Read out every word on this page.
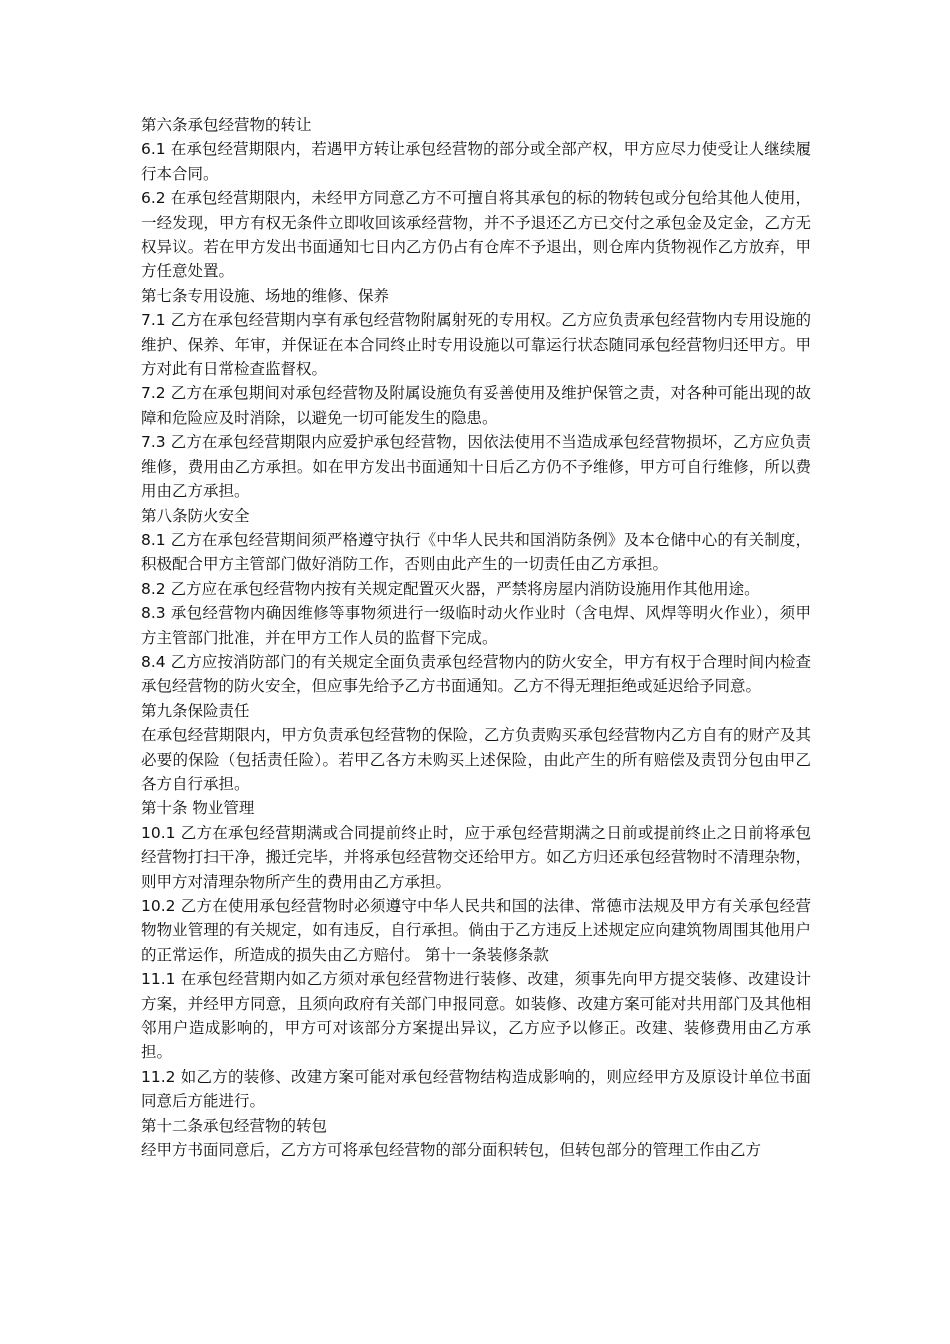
第六条承包经营物的转让

6.1 在承包经营期限内，若遇甲方转让承包经营物的部分或全部产权，甲方应尽力使受让人继续履行本合同。

6.2 在承包经营期限内，未经甲方同意乙方不可擅自将其承包的标的物转包或分包给其他人使用，一经发现，甲方有权无条件立即收回该承经营物，并不予退还乙方已交付之承包金及定金，乙方无权异议。若在甲方发出书面通知七日内乙方仍占有仓库不予退出，则仓库内货物视作乙方放弃，甲方任意处置。

第七条专用设施、场地的维修、保养

7.1 乙方在承包经营期内享有承包经营物附属射死的专用权。乙方应负责承包经营物内专用设施的维护、保养、年审，并保证在本合同终止时专用设施以可靠运行状态随同承包经营物归还甲方。甲方对此有日常检查监督权。

7.2 乙方在承包期间对承包经营物及附属设施负有妥善使用及维护保管之责，对各种可能出现的故障和危险应及时消除，以避免一切可能发生的隐患。

7.3 乙方在承包经营期限内应爱护承包经营物，因依法使用不当造成承包经营物损坏，乙方应负责维修，费用由乙方承担。如在甲方发出书面通知十日后乙方仍不予维修，甲方可自行维修，所以费用由乙方承担。

第八条防火安全

8.1 乙方在承包经营期间须严格遵守执行《中华人民共和国消防条例》及本仓储中心的有关制度，积极配合甲方主管部门做好消防工作，否则由此产生的一切责任由乙方承担。

8.2 乙方应在承包经营物内按有关规定配置灭火器，严禁将房屋内消防设施用作其他用途。

8.3 承包经营物内确因维修等事物须进行一级临时动火作业时（含电焊、风焊等明火作业），须甲方主管部门批准，并在甲方工作人员的监督下完成。

8.4 乙方应按消防部门的有关规定全面负责承包经营物内的防火安全，甲方有权于合理时间内检查承包经营物的防火安全，但应事先给予乙方书面通知。乙方不得无理拒绝或延迟给予同意。

第九条保险责任

在承包经营期限内，甲方负责承包经营物的保险，乙方负责购买承包经营物内乙方自有的财产及其必要的保险（包括责任险）。若甲乙各方未购买上述保险，由此产生的所有赔偿及责罚分包由甲乙各方自行承担。

第十条 物业管理

10.1 乙方在承包经营期满或合同提前终止时，应于承包经营期满之日前或提前终止之日前将承包经营物打扫干净，搬迁完毕，并将承包经营物交还给甲方。如乙方归还承包经营物时不清理杂物，则甲方对清理杂物所产生的费用由乙方承担。

10.2 乙方在使用承包经营物时必须遵守中华人民共和国的法律、常德市法规及甲方有关承包经营物物业管理的有关规定，如有违反，自行承担。倘由于乙方违反上述规定应向建筑物周围其他用户的正常运作，所造成的损失由乙方赔付。 第十一条装修条款

11.1 在承包经营期内如乙方须对承包经营物进行装修、改建，须事先向甲方提交装修、改建设计方案，并经甲方同意，且须向政府有关部门申报同意。如装修、改建方案可能对共用部门及其他相邻用户造成影响的，甲方可对该部分方案提出异议，乙方应予以修正。改建、装修费用由乙方承担。

11.2 如乙方的装修、改建方案可能对承包经营物结构造成影响的，则应经甲方及原设计单位书面同意后方能进行。

第十二条承包经营物的转包

经甲方书面同意后，乙方方可将承包经营物的部分面积转包，但转包部分的管理工作由乙方
